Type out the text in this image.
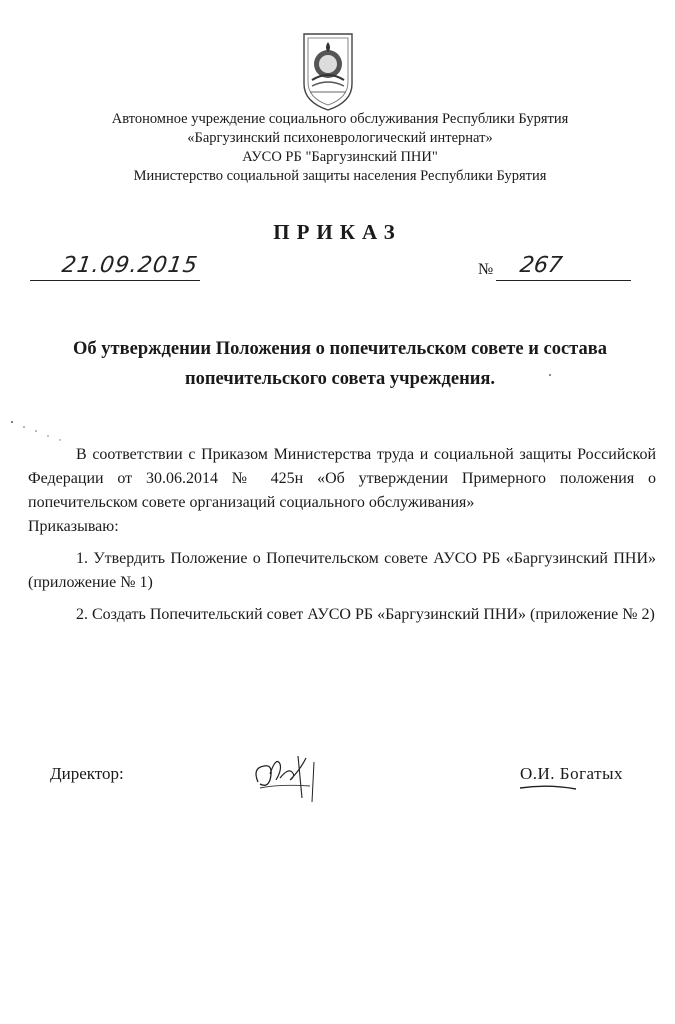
Автономное учреждение социального обслуживания Республики Бурятия
«Баргузинский психоневрологический интернат»
АУСО РБ "Баргузинский ПНИ"
Министерство социальной защиты населения Республики Бурятия
ПРИКАЗ
21.09.2015	№ 267
Об утверждении Положения о попечительском совете и состава
попечительского совета учреждения.

В соответствии с Приказом Министерства труда и социальной защиты Российской Федерации от 30.06.2014 № 425н «Об утверждении Примерного положения о попечительском совете организаций социального обслуживания»

Приказываю:

1. Утвердить Положение о Попечительском совете АУСО РБ «Баргузинский ПНИ» (приложение № 1)

2. Создать Попечительский совет АУСО РБ «Баргузинский ПНИ» (приложение № 2)

Директор:	О.И. Богатых
